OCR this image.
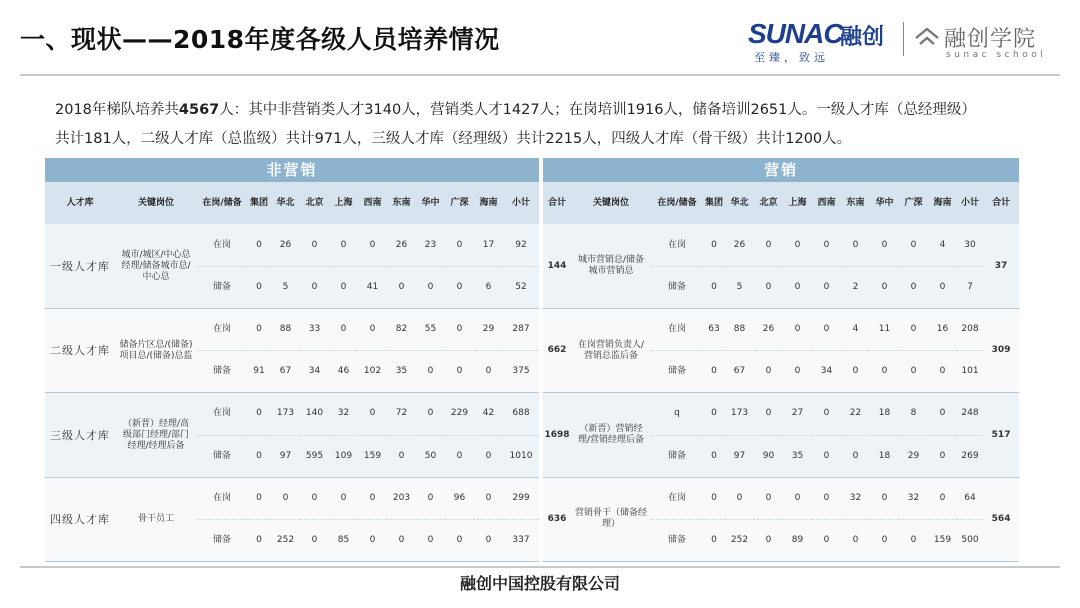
一、现状——2018年度各级人员培养情况	SUNAC
融创
至臻，致远
融创学院
sunac school
2018年梯队培养共4567人：其中非营销类人才3140人，营销类人才1427人；在岗培训1916人，储备培训2651人。一级人才库（总经理级）
共计181人，二级人才库（总监级）共计971人，三级人才库（经理级）共计2215人，四级人才库（骨干级）共计1200人。
非营销													营销													
人才库	关键岗位	在岗/储备	集团	华北	北京	上海	西南	东南	华中	广深	海南	小计	合计	关键岗位	在岗/储备	集团	华北	北京	上海	西南	东南	华中	广深	海南	小计	合计
一级人才库	城市/城区/中心总经理/储备城市总/中心总	在岗	0	26	0	0	0	26	23	0	17	92	144	城市营销总/储备城市营销总	在岗	0	26	0	0	0	0	0	0	4	30	37
		储备	0	5	0	0	41	0	0	0	6	52			储备	0	5	0	0	0	2	0	0	0	7	
二级人才库	储备片区总/(储备)项目总/(储备)总监	在岗	0	88	33	0	0	82	55	0	29	287	662	在岗营销负责人/营销总监后备	在岗	63	88	26	0	0	4	11	0	16	208	309
		储备	91	67	34	46	102	35	0	0	0	375			储备	0	67	0	0	34	0	0	0	0	101	
三级人才库	（新晋）经理/高级部门经理/部门经理/经理后备	在岗	0	173	140	32	0	72	0	229	42	688	1698	（新晋）营销经理/营销经理后备	q	0	173	0	27	0	22	18	8	0	248	517
		储备	0	97	595	109	159	0	50	0	0	1010			储备	0	97	90	35	0	0	18	29	0	269	
四级人才库	骨干员工	在岗	0	0	0	0	0	203	0	96	0	299	636	营销骨干（储备经理）	在岗	0	0	0	0	0	32	0	32	0	64	564
		储备	0	252	0	85	0	0	0	0	0	337			储备	0	252	0	89	0	0	0	0	159	500	
融创中国控股有限公司
